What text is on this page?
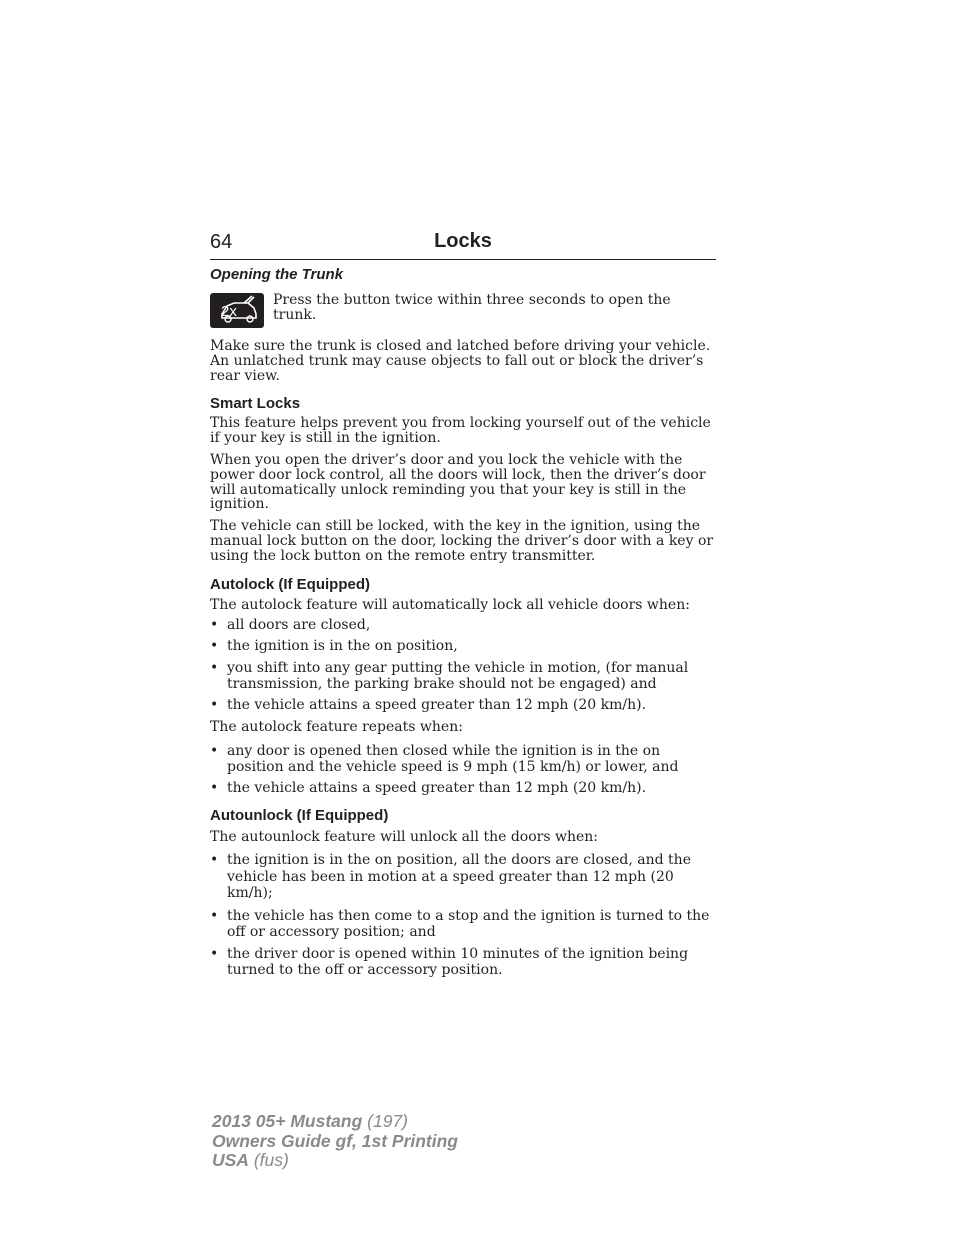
64	Locks
Opening the Trunk
2x

Press the button twice within three seconds to open the trunk.

Make sure the trunk is closed and latched before driving your vehicle. An unlatched trunk may cause objects to fall out or block the driver’s rear view.

Smart Locks

This feature helps prevent you from locking yourself out of the vehicle if your key is still in the ignition.

When you open the driver’s door and you lock the vehicle with the power door lock control, all the doors will lock, then the driver’s door will automatically unlock reminding you that your key is still in the ignition.

The vehicle can still be locked, with the key in the ignition, using the manual lock button on the door, locking the driver’s door with a key or using the lock button on the remote entry transmitter.

Autolock (If Equipped)

The autolock feature will automatically lock all vehicle doors when:

• all doors are closed,
• the ignition is in the on position,
• you shift into any gear putting the vehicle in motion, (for manual transmission, the parking brake should not be engaged) and
• the vehicle attains a speed greater than 12 mph (20 km/h).

The autolock feature repeats when:

• any door is opened then closed while the ignition is in the on position and the vehicle speed is 9 mph (15 km/h) or lower, and
• the vehicle attains a speed greater than 12 mph (20 km/h).
Autounlock (If Equipped)

The autounlock feature will unlock all the doors when:

• the ignition is in the on position, all the doors are closed, and the vehicle has been in motion at a speed greater than 12 mph (20 km/h);
• the vehicle has then come to a stop and the ignition is turned to the off or accessory position; and
• the driver door is opened within 10 minutes of the ignition being turned to the off or accessory position.
2013 05+ Mustang (197)
Owners Guide gf, 1st Printing
USA (fus)
